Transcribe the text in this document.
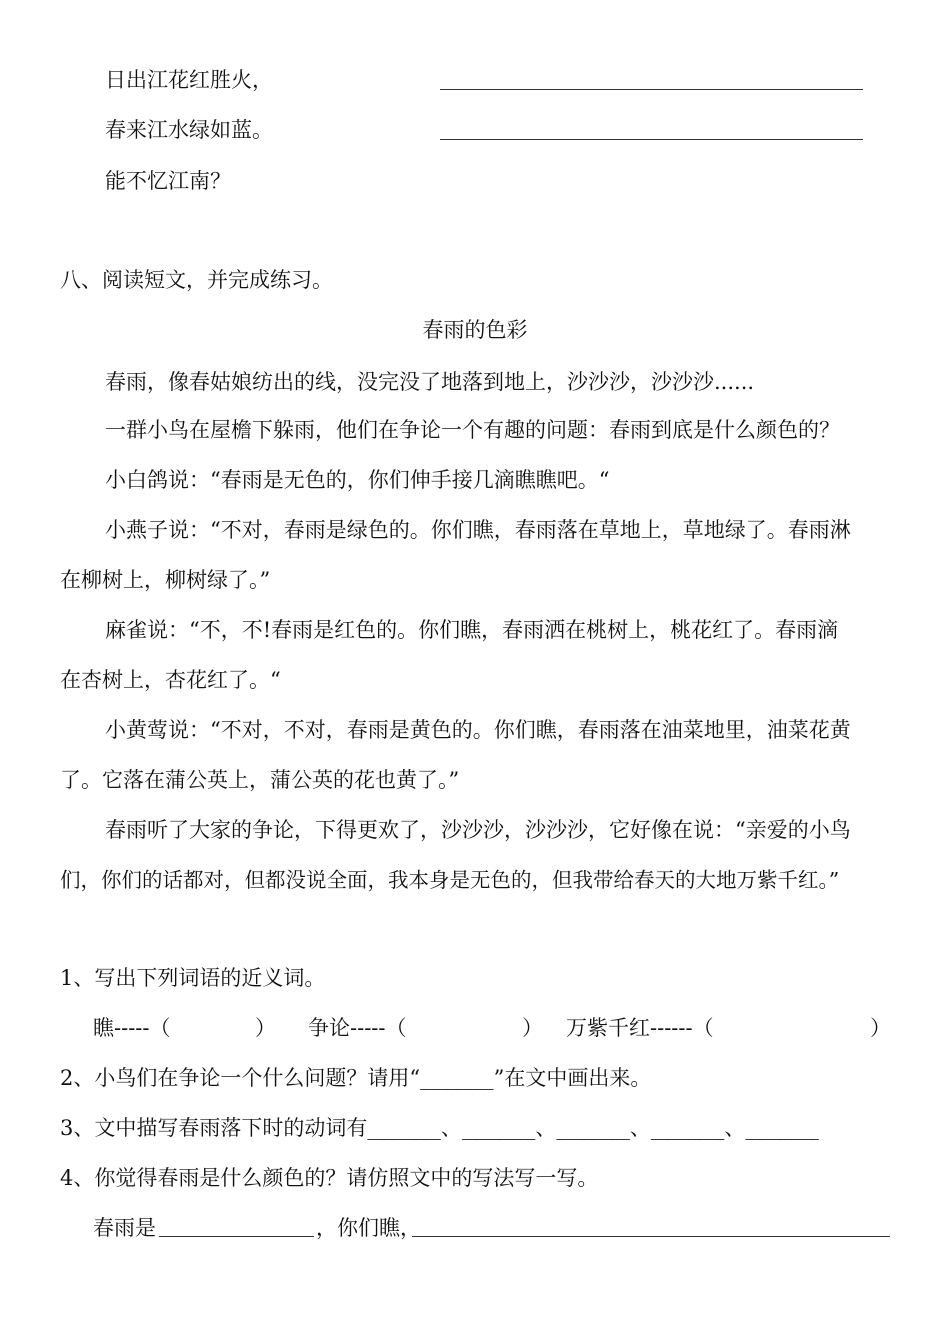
日出江花红胜火，
春来江水绿如蓝。
能不忆江南？
八、阅读短文，并完成练习。
春雨的色彩
春雨，像春姑娘纺出的线，没完没了地落到地上，沙沙沙，沙沙沙......
一群小鸟在屋檐下躲雨，他们在争论一个有趣的问题：春雨到底是什么颜色的？
小白鸽说：“春雨是无色的，你们伸手接几滴瞧瞧吧。“
小燕子说：“不对，春雨是绿色的。你们瞧，春雨落在草地上，草地绿了。春雨淋
在柳树上，柳树绿了。”
麻雀说：“不，不!春雨是红色的。你们瞧，春雨洒在桃树上，桃花红了。春雨滴
在杏树上，杏花红了。“
小黄莺说：“不对，不对，春雨是黄色的。你们瞧，春雨落在油菜地里，油菜花黄
了。它落在蒲公英上，蒲公英的花也黄了。”
春雨听了大家的争论，下得更欢了，沙沙沙，沙沙沙，它好像在说：“亲爱的小鸟
们，你们的话都对，但都没说全面，我本身是无色的，但我带给春天的大地万紫千红。”
1、写出下列词语的近义词。
瞧-----（	） 争论-----（	） 万紫千红------（	）
2、小鸟们在争论一个什么问题？请用“_______”在文中画出来。
3、文中描写春雨落下时的动词有_______、_______、_______、_______、_______
4、你觉得春雨是什么颜色的？请仿照文中的写法写一写。
春雨是	，你们瞧，
